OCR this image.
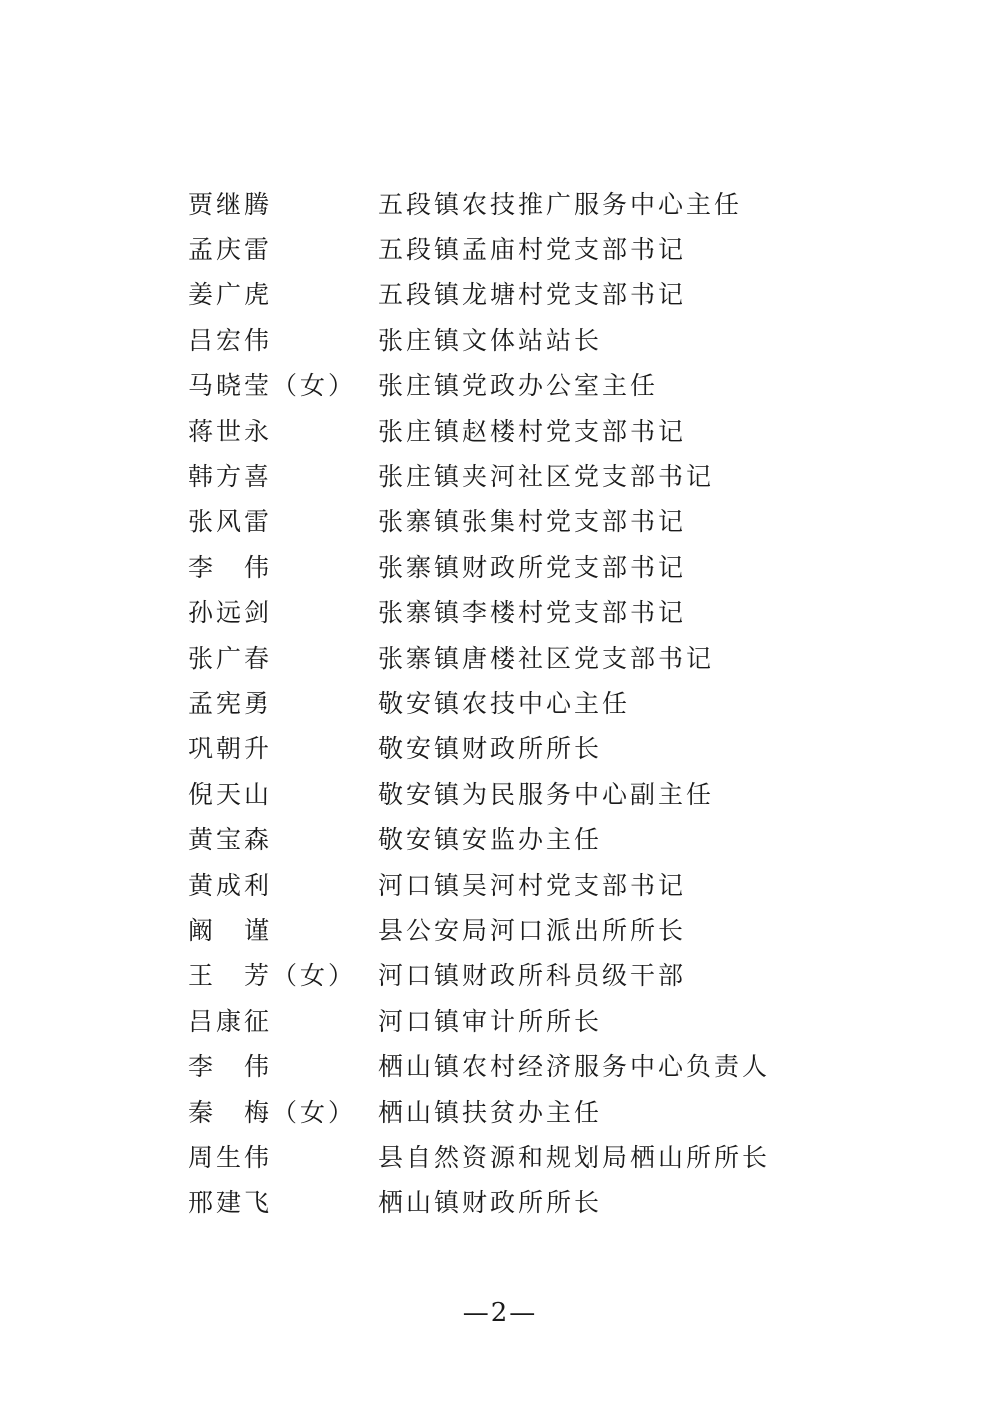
贾继腾	五段镇农技推广服务中心主任
孟庆雷	五段镇孟庙村党支部书记
姜广虎	五段镇龙塘村党支部书记
吕宏伟	张庄镇文体站站长
马晓莹（女） 张庄镇党政办公室主任
蒋世永	张庄镇赵楼村党支部书记
韩方喜	张庄镇夹河社区党支部书记
张风雷	张寨镇张集村党支部书记
李　伟	张寨镇财政所党支部书记
孙远剑	张寨镇李楼村党支部书记
张广春	张寨镇唐楼社区党支部书记
孟宪勇	敬安镇农技中心主任
巩朝升	敬安镇财政所所长
倪天山	敬安镇为民服务中心副主任
黄宝森	敬安镇安监办主任
黄成利	河口镇吴河村党支部书记
阚　谨	县公安局河口派出所所长
王　芳（女） 河口镇财政所科员级干部
吕康征	河口镇审计所所长
李　伟	栖山镇农村经济服务中心负责人
秦　梅（女） 栖山镇扶贫办主任
周生伟	县自然资源和规划局栖山所所长
邢建飞	栖山镇财政所所长
—2—
